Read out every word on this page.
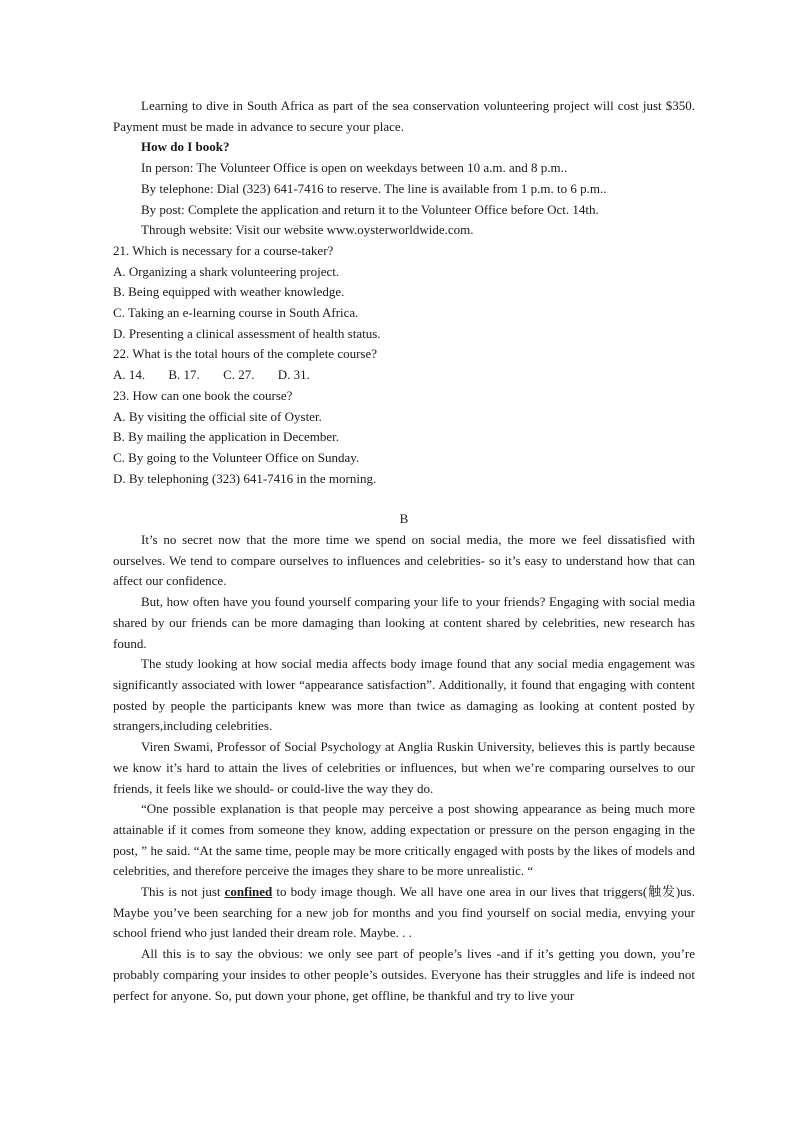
Learning to dive in South Africa as part of the sea conservation volunteering project will cost just $350. Payment must be made in advance to secure your place.

How do I book?

In person: The Volunteer Office is open on weekdays between 10 a.m. and 8 p.m..

By telephone: Dial (323) 641-7416 to reserve. The line is available from 1 p.m. to 6 p.m..

By post: Complete the application and return it to the Volunteer Office before Oct. 14th.

Through website: Visit our website www.oysterworldwide.com.

21. Which is necessary for a course-taker?

A. Organizing a shark volunteering project.

B. Being equipped with weather knowledge.

C. Taking an e-learning course in South Africa.

D. Presenting a clinical assessment of health status.

22. What is the total hours of the complete course?

A. 14. B. 17. C. 27. D. 31.

23. How can one book the course?

A. By visiting the official site of Oyster.

B. By mailing the application in December.

C. By going to the Volunteer Office on Sunday.

D. By telephoning (323) 641-7416 in the morning.

B

It’s no secret now that the more time we spend on social media, the more we feel dissatisfied with ourselves. We tend to compare ourselves to influences and celebrities- so it’s easy to understand how that can affect our confidence.

But, how often have you found yourself comparing your life to your friends? Engaging with social media shared by our friends can be more damaging than looking at content shared by celebrities, new research has found.

The study looking at how social media affects body image found that any social media engagement was significantly associated with lower “appearance satisfaction”. Additionally, it found that engaging with content posted by people the participants knew was more than twice as damaging as looking at content posted by strangers,including celebrities.

Viren Swami, Professor of Social Psychology at Anglia Ruskin University, believes this is partly because we know it’s hard to attain the lives of celebrities or influences, but when we’re comparing ourselves to our friends, it feels like we should- or could-live the way they do.

“One possible explanation is that people may perceive a post showing appearance as being much more attainable if it comes from someone they know, adding expectation or pressure on the person engaging in the post, ” he said. “At the same time, people may be more critically engaged with posts by the likes of models and celebrities, and therefore perceive the images they share to be more unrealistic. “

This is not just confined to body image though. We all have one area in our lives that triggers(触发)us. Maybe you’ve been searching for a new job for months and you find yourself on social media, envying your school friend who just landed their dream role. Maybe. . .

All this is to say the obvious: we only see part of people’s lives -and if it’s getting you down, you’re probably comparing your insides to other people’s outsides. Everyone has their struggles and life is indeed not perfect for anyone. So, put down your phone, get offline, be thankful and try to live your
